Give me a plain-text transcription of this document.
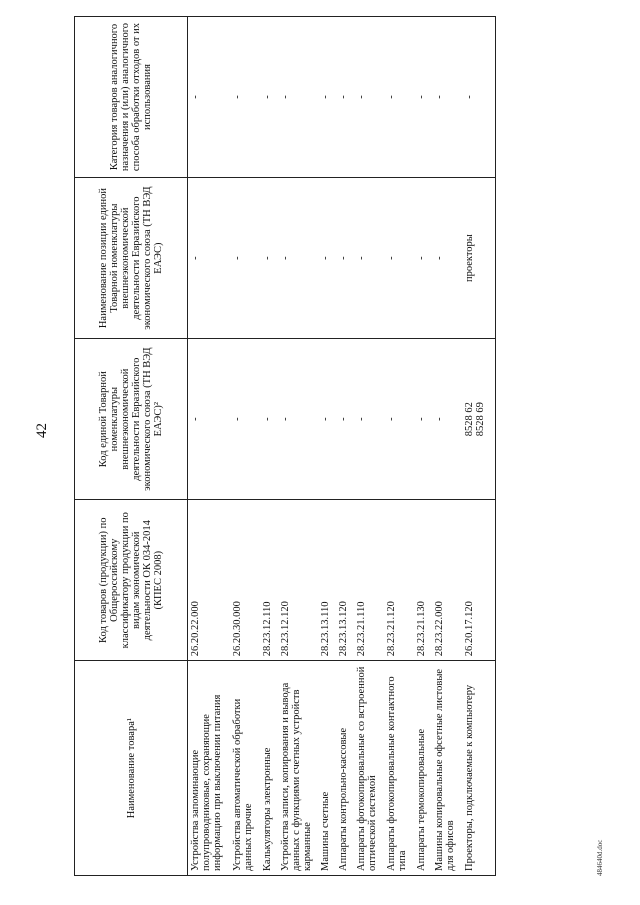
42
Наименование товара¹	Код товаров (продукции) по Общероссийскому классификатору продукции по видам экономической деятельности ОК 034-2014 (КПЕС 2008)	Код единой Товарной номенклатуры внешнеэкономической деятельности Евразийского экономического союза (ТН ВЭД ЕАЭС)²	Наименование позиции единой Товарной номенклатуры внешнеэкономической деятельности Евразийского экономического союза (ТН ВЭД ЕАЭС)	Категория товаров аналогичного назначения и (или) аналогичного способа обработки отходов от их использования
Устройства запоминающие полупроводниковые, сохраняющие информацию при выключении питания	26.20.22.000	-	-	-
Устройства автоматической обработки данных прочие	26.20.30.000	-	-	-
Калькуляторы электронные	28.23.12.110	-	-	-
Устройства записи, копирования и вывода данных с функциями счетных устройств карманные	28.23.12.120	-	-	-
Машины счетные	28.23.13.110	-	-	-
Аппараты контрольно-кассовые	28.23.13.120	-	-	-
Аппараты фотокопировальные со встроенной оптической системой	28.23.21.110	-	-	-
Аппараты фотокопировальные контактного типа	28.23.21.120	-	-	-
Аппараты термокопировальные	28.23.21.130	-	-	-
Машины копировальные офсетные листовые для офисов	28.23.22.000	-	-	-
Проекторы, подключаемые к компьютеру	26.20.17.120	8528 62 8528 69	проекторы	-
484640d.doc
